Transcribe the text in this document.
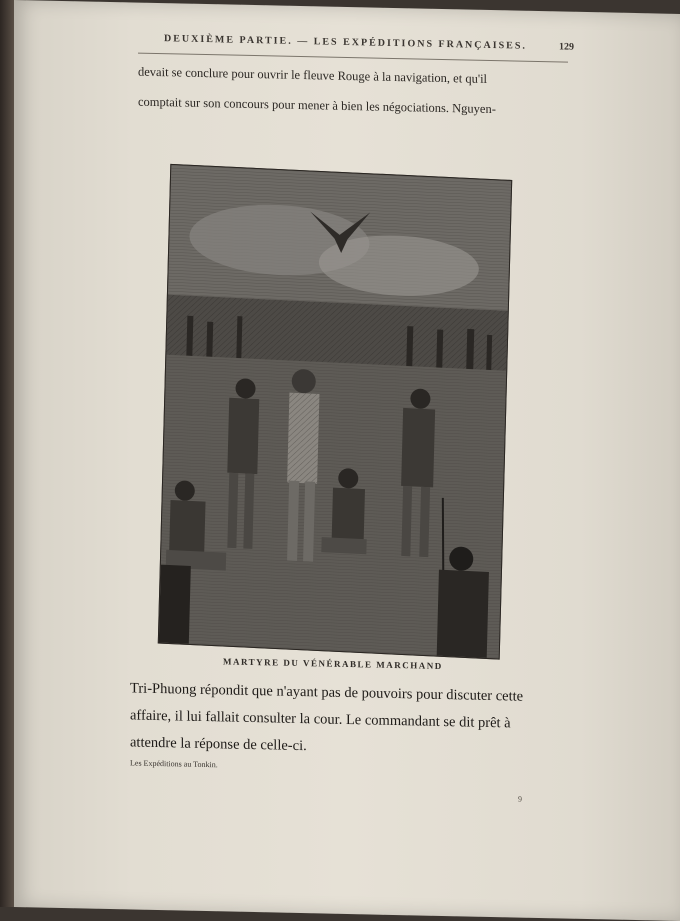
DEUXIÈME PARTIE. — LES EXPÉDITIONS FRANÇAISES.	129
devait se conclure pour ouvrir le fleuve Rouge à la navigation, et qu'il
comptait sur son concours pour mener à bien les négociations. Nguyen-
MARTYRE DU VÉNÉRABLE MARCHAND
Tri-Phuong répondit que n'ayant pas de pouvoirs pour discuter cette
affaire, il lui fallait consulter la cour. Le commandant se dit prêt à
attendre la réponse de celle-ci.
Les Expéditions au Tonkin.
9
